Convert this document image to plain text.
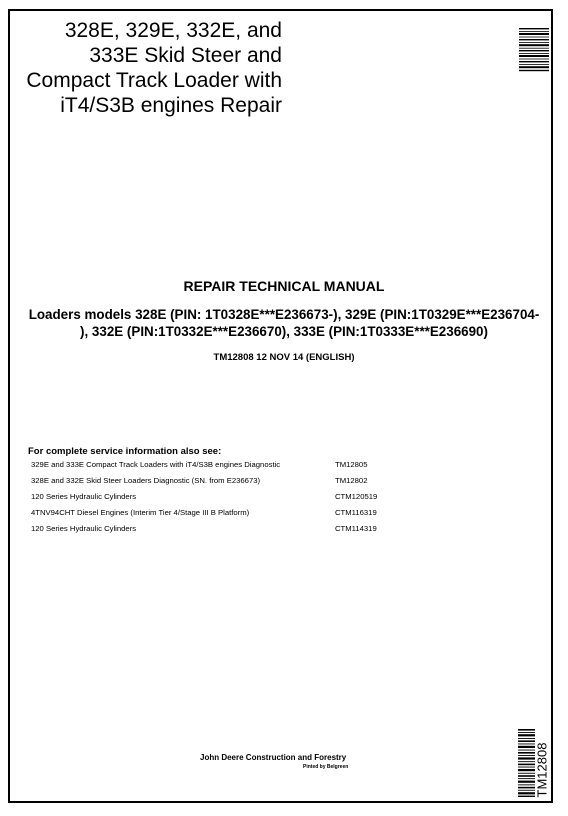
328E, 329E, 332E, and
333E Skid Steer and
Compact Track Loader with
iT4/S3B engines Repair
REPAIR TECHNICAL MANUAL
Loaders models 328E (PIN: 1T0328E***E236673-), 329E (PIN:1T0329E***E236704-
), 332E (PIN:1T0332E***E236670), 333E (PIN:1T0333E***E236690)
TM12808 12 NOV 14 (ENGLISH)
For complete service information also see:
329E and 333E Compact Track Loaders with iT4/S3B engines Diagnostic	TM12805
328E and 332E Skid Steer Loaders Diagnostic (SN. from E236673)	TM12802
120 Series Hydraulic Cylinders	CTM120519
4TNV94CHT Diesel Engines (Interim Tier 4/Stage III B Platform)	CTM116319
120 Series Hydraulic Cylinders	CTM114319
John Deere Construction and Forestry
Pinted by Belgreen	TM12808
